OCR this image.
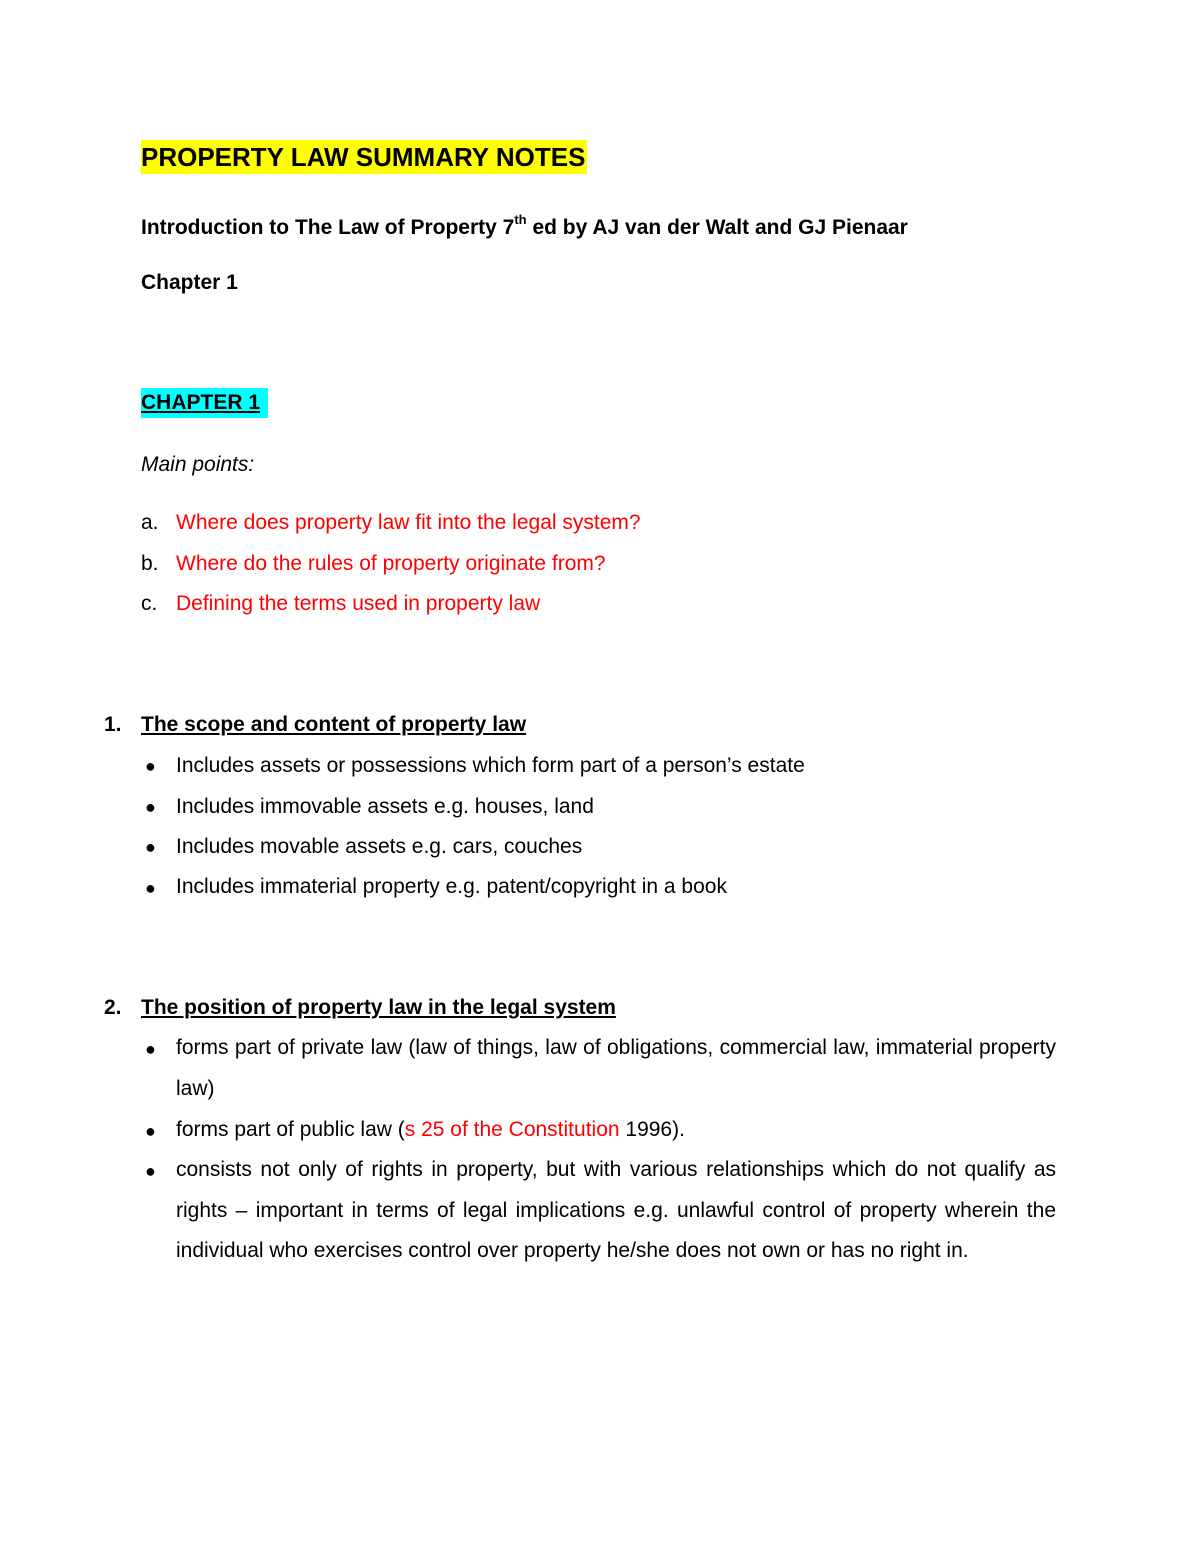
PROPERTY LAW SUMMARY NOTES
Introduction to The Law of Property 7th ed by AJ van der Walt and GJ Pienaar
Chapter 1
CHAPTER 1
Main points:
a. Where does property law fit into the legal system?
b. Where do the rules of property originate from?
c. Defining the terms used in property law
1. The scope and content of property law
● Includes assets or possessions which form part of a person’s estate
● Includes immovable assets e.g. houses, land
● Includes movable assets e.g. cars, couches
● Includes immaterial property e.g. patent/copyright in a book
2. The position of property law in the legal system
● forms part of private law (law of things, law of obligations, commercial law, immaterial property law)
● forms part of public law (s 25 of the Constitution 1996).
● consists not only of rights in property, but with various relationships which do not qualify as rights – important in terms of legal implications e.g. unlawful control of property wherein the individual who exercises control over property he/she does not own or has no right in.
